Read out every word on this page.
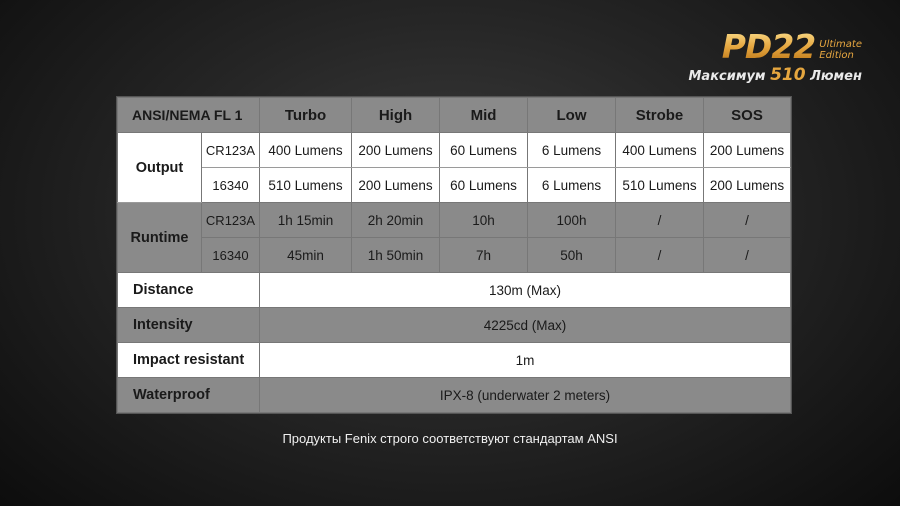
PD22 Ultimate
Edition
Максимум 510 Люмен
ANSI/NEMA FL 1		Turbo	High	Mid	Low	Strobe	SOS
Output	CR123A	400 Lumens	200 Lumens	60 Lumens	6 Lumens	400 Lumens	200 Lumens
	16340	510 Lumens	200 Lumens	60 Lumens	6 Lumens	510 Lumens	200 Lumens
Runtime	CR123A	1h 15min	2h 20min	10h	100h	/	/
	16340	45min	1h 50min	7h	50h	/	/
Distance		130m (Max)					
Intensity		4225cd (Max)					
Impact resistant		1m					
Waterproof		IPX-8 (underwater 2 meters)					
Продукты Fenix строго соответствуют стандартам ANSI
